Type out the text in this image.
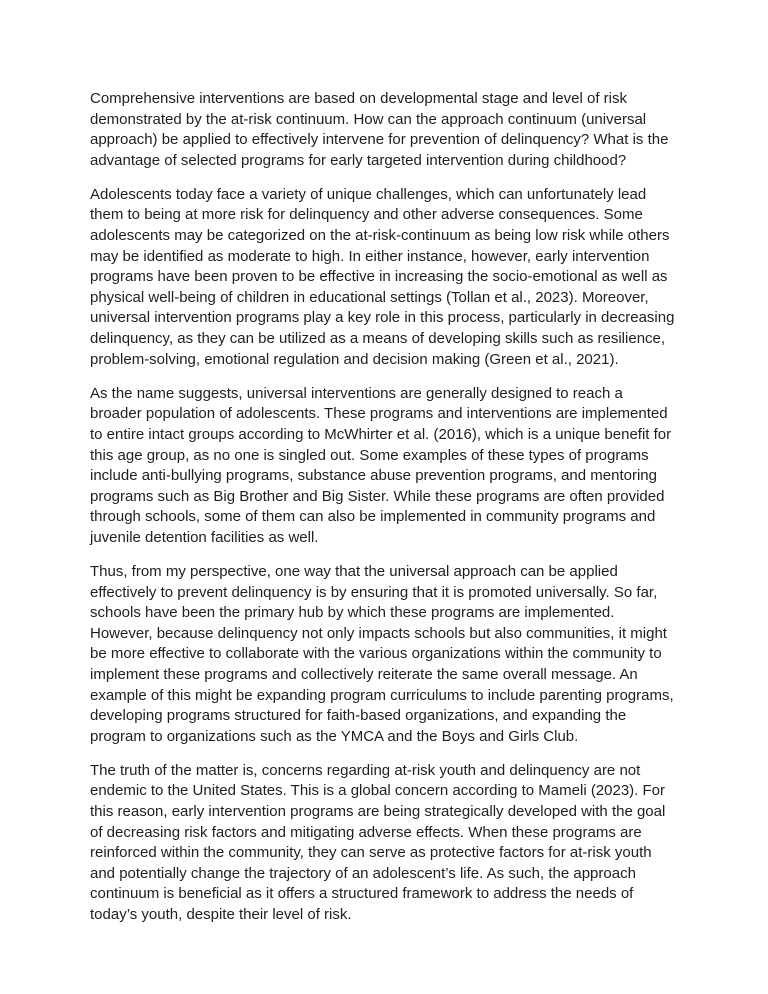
Comprehensive interventions are based on developmental stage and level of risk
demonstrated by the at-risk continuum. How can the approach continuum (universal
approach) be applied to effectively intervene for prevention of delinquency? What is the
advantage of selected programs for early targeted intervention during childhood?

Adolescents today face a variety of unique challenges, which can unfortunately lead
them to being at more risk for delinquency and other adverse consequences. Some
adolescents may be categorized on the at-risk-continuum as being low risk while others
may be identified as moderate to high. In either instance, however, early intervention
programs have been proven to be effective in increasing the socio-emotional as well as
physical well-being of children in educational settings (Tollan et al., 2023). Moreover,
universal intervention programs play a key role in this process, particularly in decreasing
delinquency, as they can be utilized as a means of developing skills such as resilience,
problem-solving, emotional regulation and decision making (Green et al., 2021).

As the name suggests, universal interventions are generally designed to reach a
broader population of adolescents. These programs and interventions are implemented
to entire intact groups according to McWhirter et al. (2016), which is a unique benefit for
this age group, as no one is singled out. Some examples of these types of programs
include anti-bullying programs, substance abuse prevention programs, and mentoring
programs such as Big Brother and Big Sister. While these programs are often provided
through schools, some of them can also be implemented in community programs and
juvenile detention facilities as well.

Thus, from my perspective, one way that the universal approach can be applied
effectively to prevent delinquency is by ensuring that it is promoted universally. So far,
schools have been the primary hub by which these programs are implemented.
However, because delinquency not only impacts schools but also communities, it might
be more effective to collaborate with the various organizations within the community to
implement these programs and collectively reiterate the same overall message. An
example of this might be expanding program curriculums to include parenting programs,
developing programs structured for faith-based organizations, and expanding the
program to organizations such as the YMCA and the Boys and Girls Club.

The truth of the matter is, concerns regarding at-risk youth and delinquency are not
endemic to the United States. This is a global concern according to Mameli (2023). For
this reason, early intervention programs are being strategically developed with the goal
of decreasing risk factors and mitigating adverse effects. When these programs are
reinforced within the community, they can serve as protective factors for at-risk youth
and potentially change the trajectory of an adolescent’s life. As such, the approach
continuum is beneficial as it offers a structured framework to address the needs of
today’s youth, despite their level of risk.
